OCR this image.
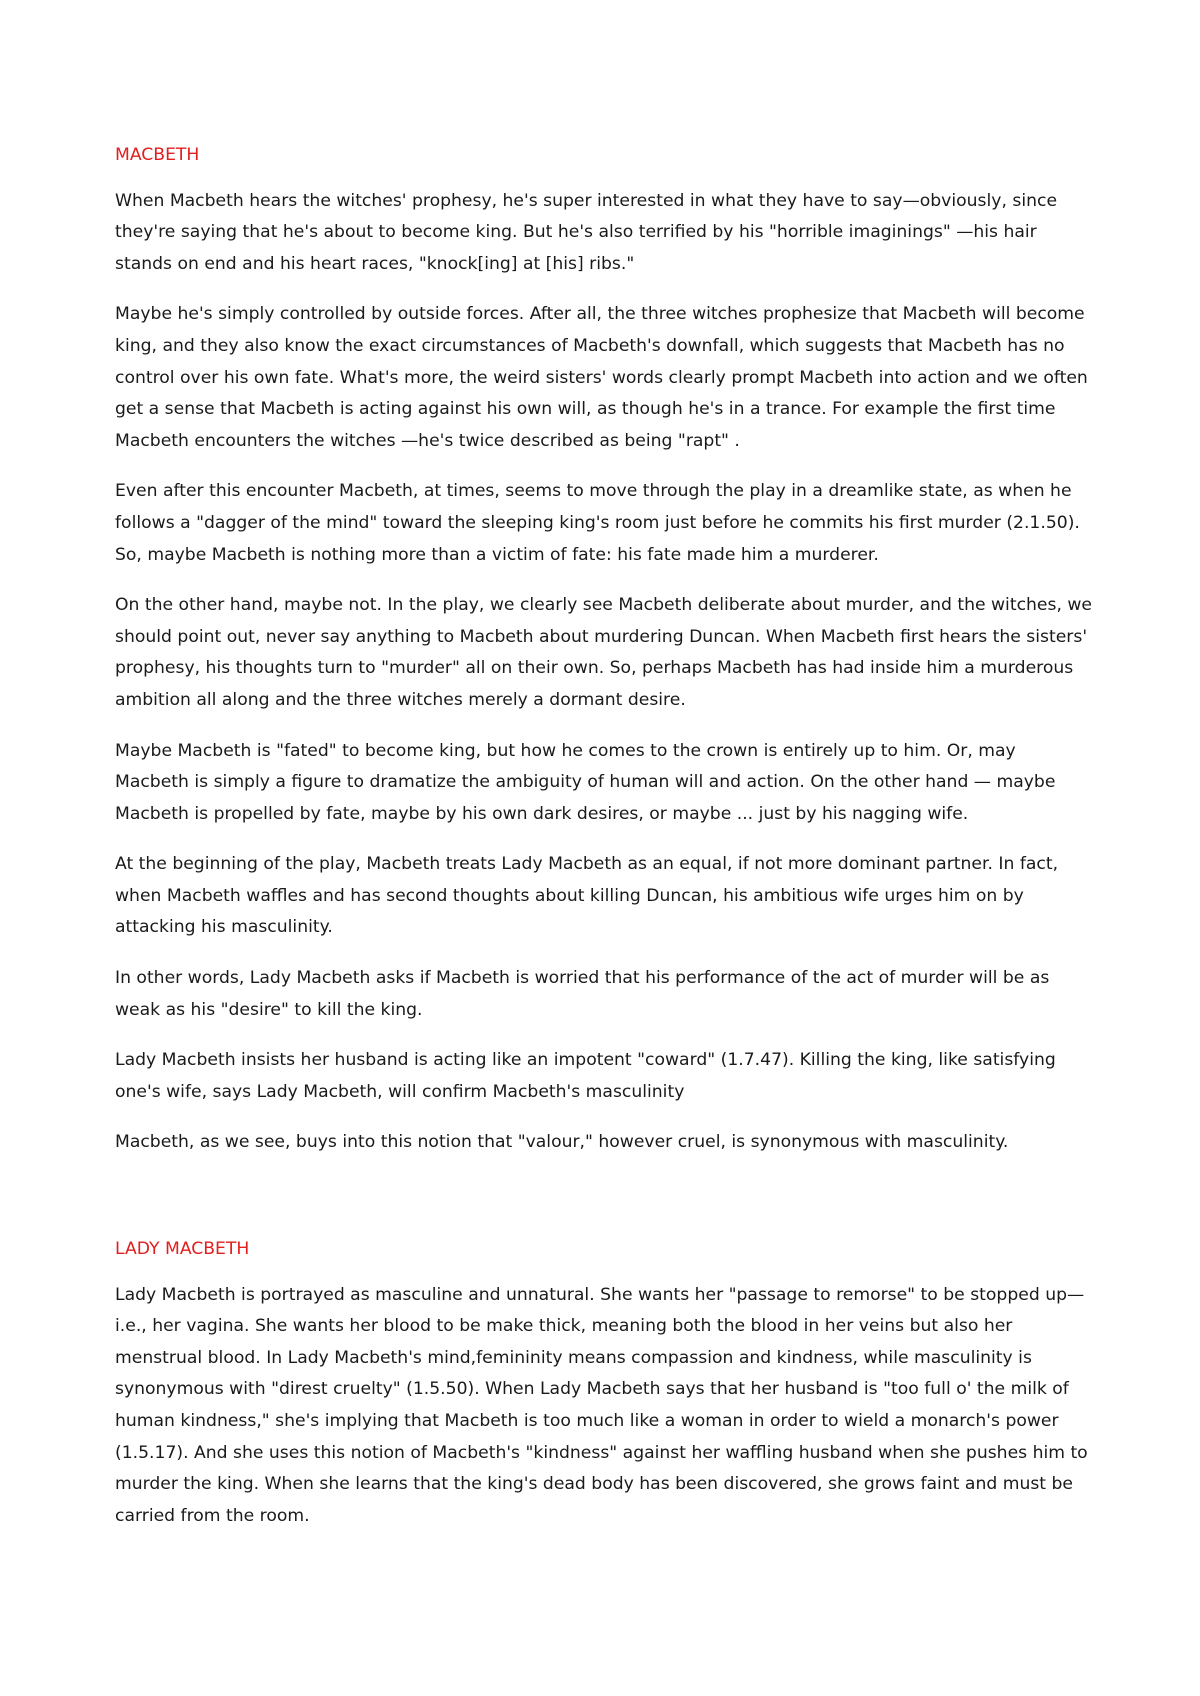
MACBETH

When Macbeth hears the witches' prophesy, he's super interested in what they have to say—obviously, since they're saying that he's about to become king. But he's also terrified by his "horrible imaginings" —his hair stands on end and his heart races, "knock[ing] at [his] ribs."

Maybe he's simply controlled by outside forces. After all, the three witches prophesize that Macbeth will become king, and they also know the exact circumstances of Macbeth's downfall, which suggests that Macbeth has no control over his own fate. What's more, the weird sisters' words clearly prompt Macbeth into action and we often get a sense that Macbeth is acting against his own will, as though he's in a trance. For example the first time Macbeth encounters the witches —he's twice described as being "rapt" .

Even after this encounter Macbeth, at times, seems to move through the play in a dreamlike state, as when he follows a "dagger of the mind" toward the sleeping king's room just before he commits his first murder (2.1.50). So, maybe Macbeth is nothing more than a victim of fate: his fate made him a murderer.

On the other hand, maybe not. In the play, we clearly see Macbeth deliberate about murder, and the witches, we should point out, never say anything to Macbeth about murdering Duncan. When Macbeth first hears the sisters' prophesy, his thoughts turn to "murder" all on their own. So, perhaps Macbeth has had inside him a murderous ambition all along and the three witches merely a dormant desire.

Maybe Macbeth is "fated" to become king, but how he comes to the crown is entirely up to him. Or, may Macbeth is simply a figure to dramatize the ambiguity of human will and action. On the other hand — maybe Macbeth is propelled by fate, maybe by his own dark desires, or maybe ... just by his nagging wife.

At the beginning of the play, Macbeth treats Lady Macbeth as an equal, if not more dominant partner. In fact, when Macbeth waffles and has second thoughts about killing Duncan, his ambitious wife urges him on by attacking his masculinity.

In other words, Lady Macbeth asks if Macbeth is worried that his performance of the act of murder will be as weak as his "desire" to kill the king.

Lady Macbeth insists her husband is acting like an impotent "coward" (1.7.47). Killing the king, like satisfying one's wife, says Lady Macbeth, will confirm Macbeth's masculinity

Macbeth, as we see, buys into this notion that "valour," however cruel, is synonymous with masculinity.

LADY MACBETH

Lady Macbeth is portrayed as masculine and unnatural. She wants her "passage to remorse" to be stopped up—i.e., her vagina. She wants her blood to be make thick, meaning both the blood in her veins but also her menstrual blood. In Lady Macbeth's mind,femininity means compassion and kindness, while masculinity is synonymous with "direst cruelty" (1.5.50). When Lady Macbeth says that her husband is "too full o' the milk of human kindness," she's implying that Macbeth is too much like a woman in order to wield a monarch's power (1.5.17). And she uses this notion of Macbeth's "kindness" against her waffling husband when she pushes him to murder the king. When she learns that the king's dead body has been discovered, she grows faint and must be carried from the room.
